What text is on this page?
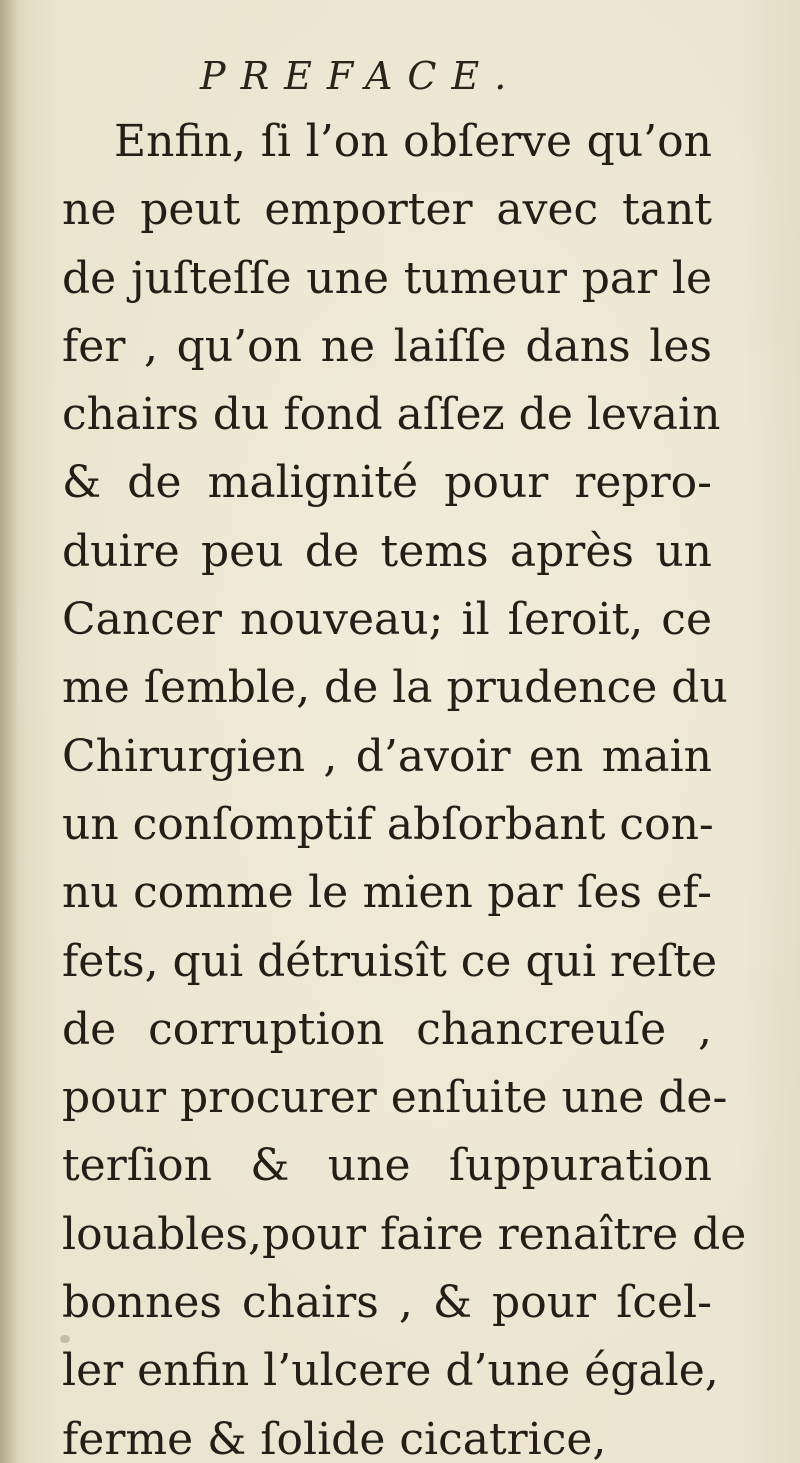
PREFACE.
Enfin, ſi l’on obſerve qu’on
ne peut emporter avec tant
de juſteſſe une tumeur par le
fer , qu’on ne laiſſe dans les
chairs du fond aſſez de levain
& de malignité pour repro-
duire peu de tems après un
Cancer nouveau; il ſeroit, ce
me ſemble, de la prudence du
Chirurgien , d’avoir en main
un conſomptif abſorbant con-
nu comme le mien par ſes ef-
fets, qui détruisît ce qui reſte
de corruption chancreuſe ,
pour procurer enſuite une de-
terſion & une ſuppuration
louables,pour faire renaître de
bonnes chairs , & pour ſcel-
ler enfin l’ulcere d’une égale,
ferme & ſolide cicatrice,
